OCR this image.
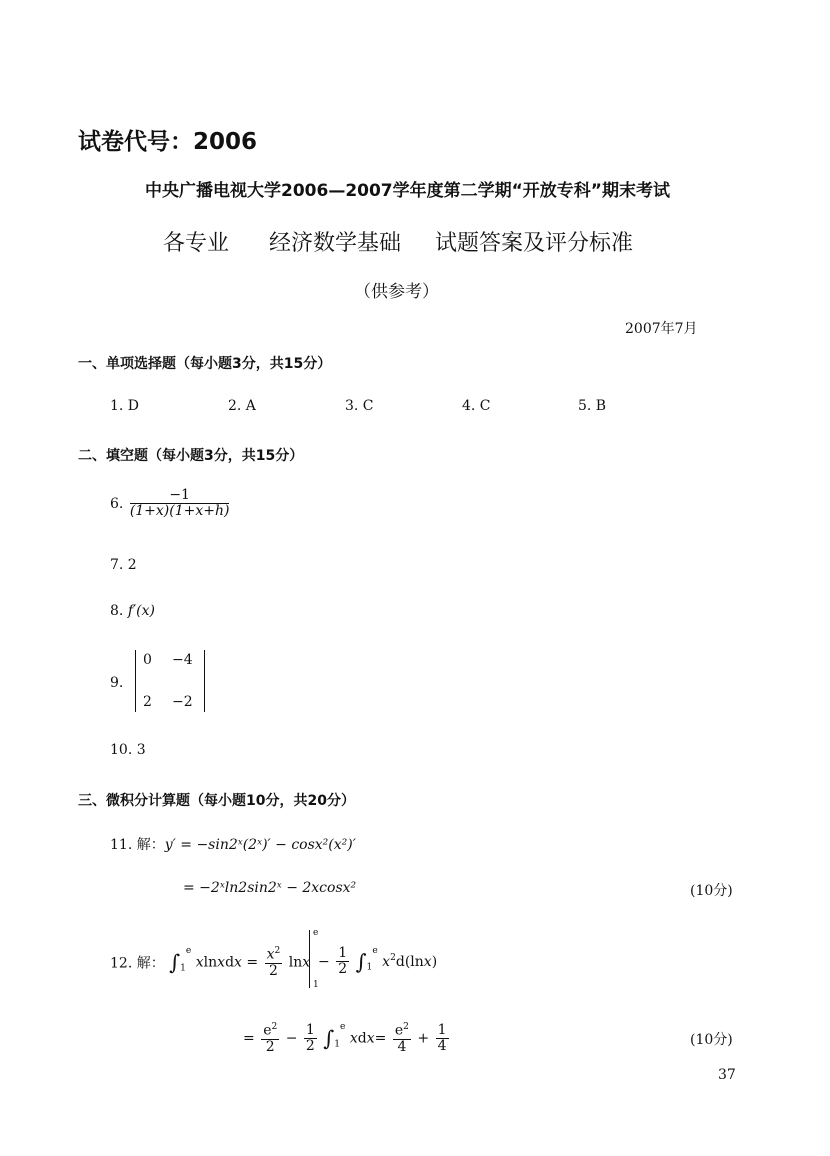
试卷代号：2006
中央广播电视大学2006—2007学年度第二学期“开放专科”期末考试
各专业 经济数学基础 试题答案及评分标准
（供参考）
2007年7月
一、单项选择题（每小题3分，共15分）
1. D	2. A	3. C	4. C	5. B
二、填空题（每小题3分，共15分）
6. $\frac{-1}{(1+x)(1+x+h)}$
7. 2
8. f′(x)
9.
0 −4
2 −2
10. 3
三、微积分计算题（每小题10分，共20分）
11. 解：y′ = −sin2ˣ(2ˣ)′ − cosx²(x²)′
= −2ˣln2sin2ˣ − 2xcosx²	(10分)
12. 解： $\int_1^e$ xlnxdx = $\frac{x^2}{2}$ lnx
e
1
− $\frac{1}{2} \int_1^e$ $x^2d(\ln x)$
= $\frac{e^2}{2} - \frac{1}{2} \int_1^e$ $xdx= \frac{e^2}{4} + \frac{1}{4}$	(10分)
37
